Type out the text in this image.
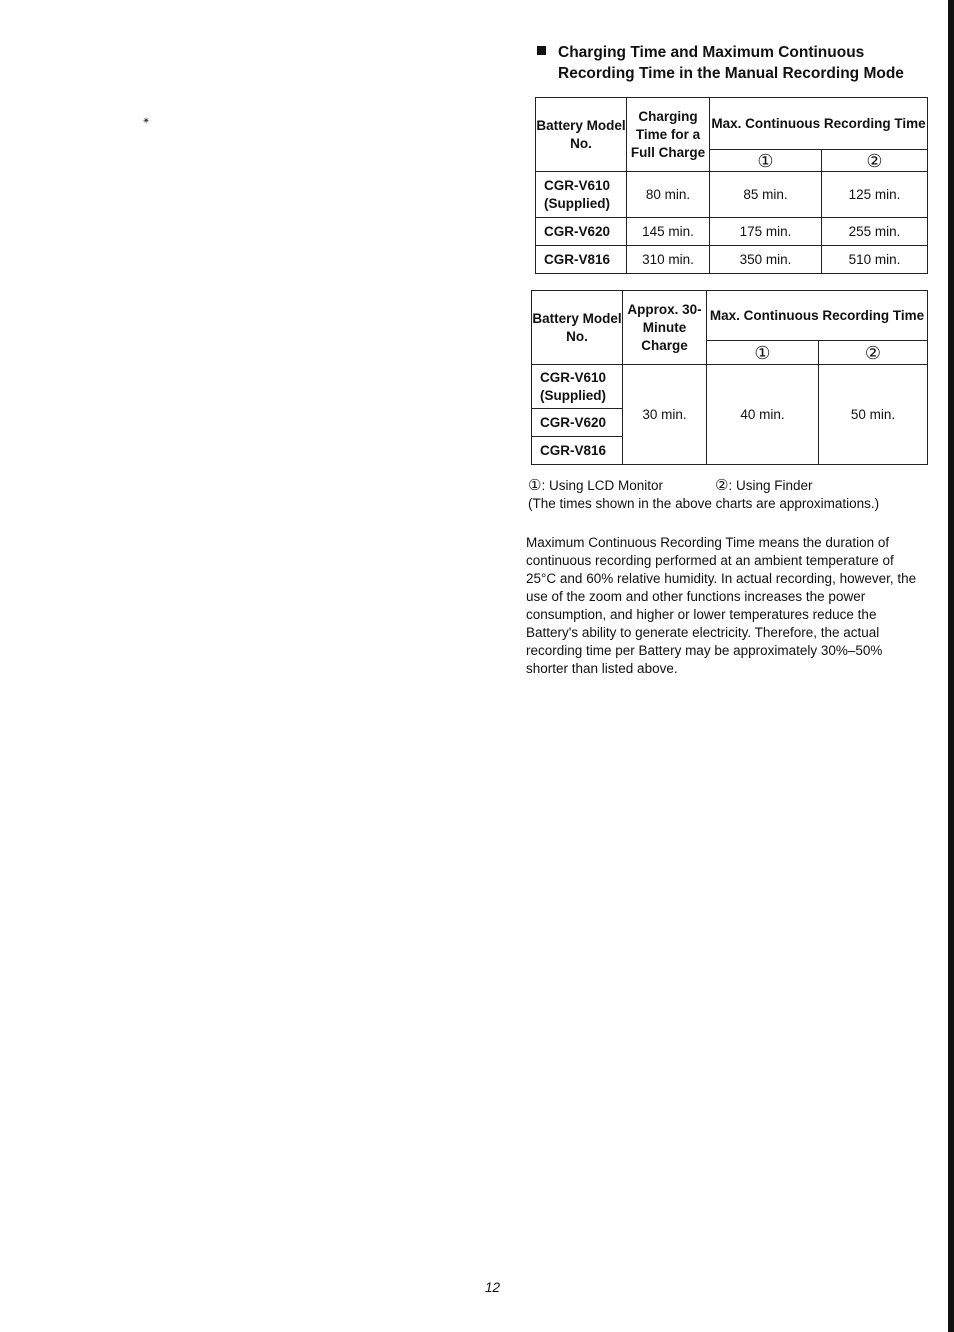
✴
Charging Time and Maximum Continuous
Recording Time in the Manual Recording Mode
Battery Model No.	Charging Time for a Full Charge	Max. Continuous Recording Time	
		①	②
CGR-V610 (Supplied)	80 min.	85 min.	125 min.
CGR-V620	145 min.	175 min.	255 min.
CGR-V816	310 min.	350 min.	510 min.
Battery Model No.	Approx. 30-Minute Charge	Max. Continuous Recording Time	
		①	②
CGR-V610 (Supplied)	30 min.	40 min.	50 min.
CGR-V620			
CGR-V816			
①: Using LCD Monitor	②: Using Finder
(The times shown in the above charts are approximations.)
Maximum Continuous Recording Time means the duration of continuous recording performed at an ambient temperature of 25°C and 60% relative humidity. In actual recording, however, the use of the zoom and other functions increases the power consumption, and higher or lower temperatures reduce the Battery's ability to generate electricity. Therefore, the actual recording time per Battery may be approximately 30%–50% shorter than listed above.
12
